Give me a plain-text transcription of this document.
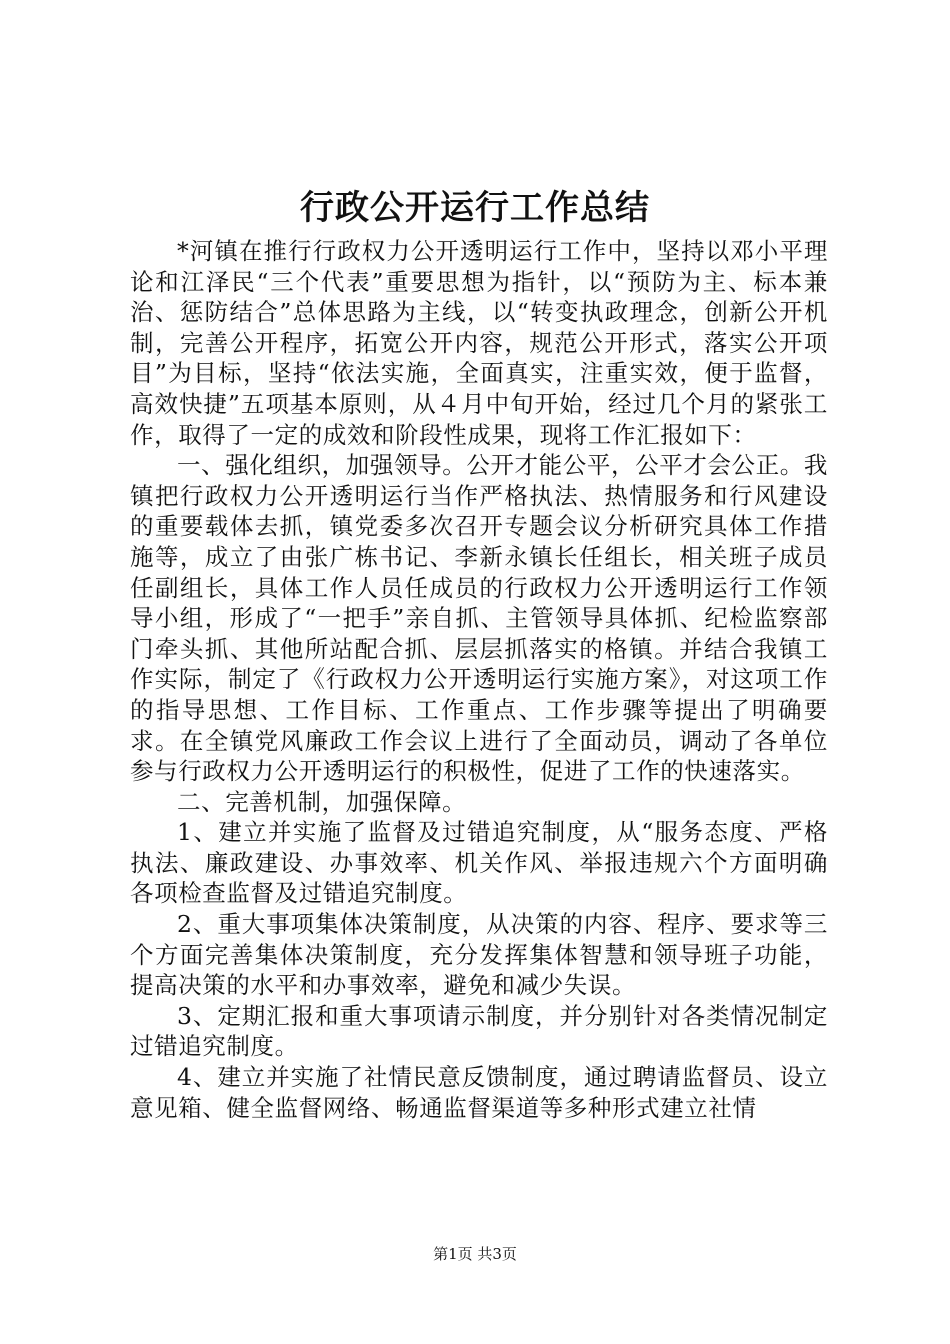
行政公开运行工作总结

*河镇在推行行政权力公开透明运行工作中，坚持以邓小平理论和江泽民“三个代表”重要思想为指针，以“预防为主、标本兼治、惩防结合”总体思路为主线，以“转变执政理念，创新公开机制，完善公开程序，拓宽公开内容，规范公开形式，落实公开项目”为目标，坚持“依法实施，全面真实，注重实效，便于监督，高效快捷”五项基本原则，从４月中旬开始，经过几个月的紧张工作，取得了一定的成效和阶段性成果，现将工作汇报如下：

一、强化组织，加强领导。公开才能公平，公平才会公正。我镇把行政权力公开透明运行当作严格执法、热情服务和行风建设的重要载体去抓，镇党委多次召开专题会议分析研究具体工作措施等，成立了由张广栋书记、李新永镇长任组长，相关班子成员任副组长，具体工作人员任成员的行政权力公开透明运行工作领导小组，形成了“一把手”亲自抓、主管领导具体抓、纪检监察部门牵头抓、其他所站配合抓、层层抓落实的格镇。并结合我镇工作实际，制定了《行政权力公开透明运行实施方案》，对这项工作的指导思想、工作目标、工作重点、工作步骤等提出了明确要求。在全镇党风廉政工作会议上进行了全面动员，调动了各单位参与行政权力公开透明运行的积极性，促进了工作的快速落实。

二、完善机制，加强保障。

1、建立并实施了监督及过错追究制度，从“服务态度、严格执法、廉政建设、办事效率、机关作风、举报违规六个方面明确各项检查监督及过错追究制度。

2、重大事项集体决策制度，从决策的内容、程序、要求等三个方面完善集体决策制度，充分发挥集体智慧和领导班子功能，提高决策的水平和办事效率，避免和减少失误。

3、定期汇报和重大事项请示制度，并分别针对各类情况制定过错追究制度。

4、建立并实施了社情民意反馈制度，通过聘请监督员、设立意见箱、健全监督网络、畅通监督渠道等多种形式建立社情

第1页 共3页
